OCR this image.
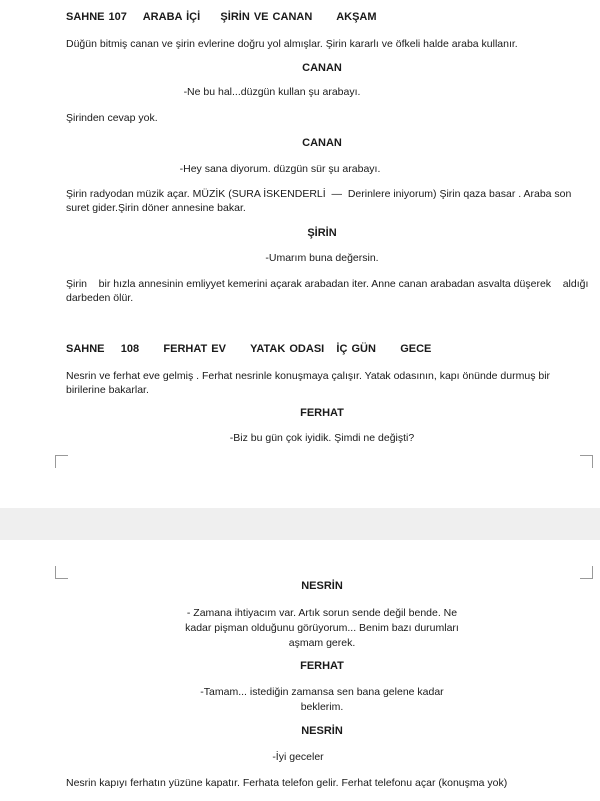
SAHNE 107    ARABA İÇİ     ŞİRİN VE CANAN      AKŞAM
Düğün bitmiş canan ve şirin evlerine doğru yol almışlar. Şirin kararlı ve öfkeli halde araba kullanır.
CANAN
-Ne bu hal...düzgün kullan şu arabayı.
Şirinden cevap yok.
CANAN
-Hey sana diyorum. düzgün sür şu arabayı.
Şirin radyodan müzik açar. MÜZİK (SURA İSKENDERLİ  —  Derinlere iniyorum) Şirin qaza basar . Araba son
suret gider.Şirin döner annesine bakar.
ŞİRİN
-Umarım buna değersin.
Şirin    bir hızla annesinin emliyyet kemerini açarak arabadan iter. Anne canan arabadan asvalta düşerek    aldığı
darbeden ölür.
SAHNE    108      FERHAT EV      YATAK ODASI   İÇ GÜN      GECE
Nesrin ve ferhat eve gelmiş . Ferhat nesrinle konuşmaya çalışır. Yatak odasının, kapı önünde durmuş bir
birilerine bakarlar.
FERHAT
-Biz bu gün çok iyidik. Şimdi ne değişti?
NESRİN
- Zamana ihtiyacım var. Artık sorun sende değil bende. Ne
kadar pişman olduğunu görüyorum... Benim bazı durumları
aşmam gerek.
FERHAT
-Tamam... istediğin zamansa sen bana gelene kadar
beklerim.
NESRİN
-İyi geceler
Nesrin kapıyı ferhatın yüzüne kapatır. Ferhata telefon gelir. Ferhat telefonu açar (konuşma yok)
